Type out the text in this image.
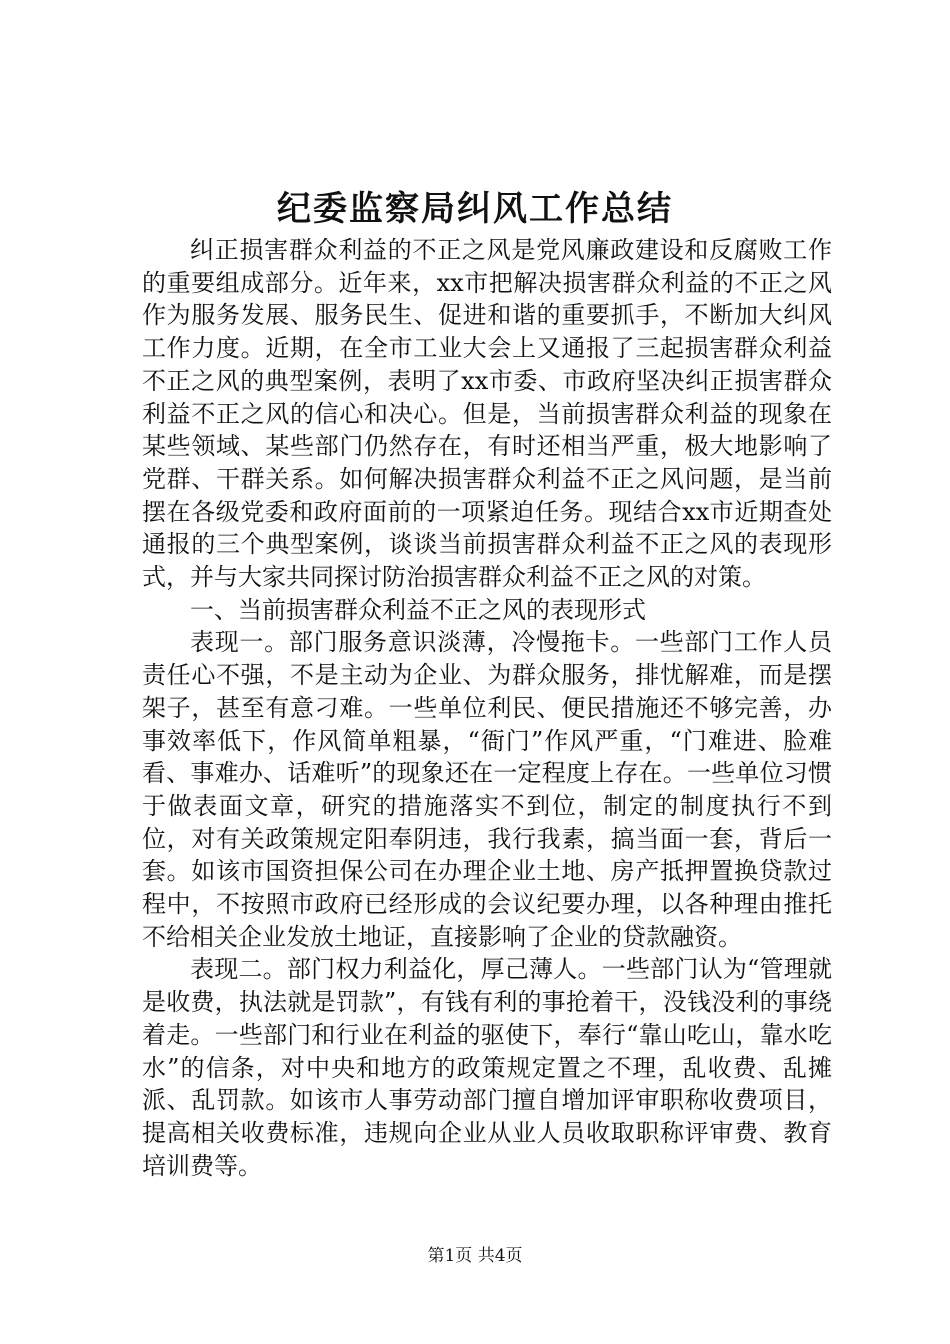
纪委监察局纠风工作总结

纠正损害群众利益的不正之风是党风廉政建设和反腐败工作的重要组成部分。近年来，xx市把解决损害群众利益的不正之风作为服务发展、服务民生、促进和谐的重要抓手，不断加大纠风工作力度。近期，在全市工业大会上又通报了三起损害群众利益不正之风的典型案例，表明了xx市委、市政府坚决纠正损害群众利益不正之风的信心和决心。但是，当前损害群众利益的现象在某些领域、某些部门仍然存在，有时还相当严重，极大地影响了党群、干群关系。如何解决损害群众利益不正之风问题，是当前摆在各级党委和政府面前的一项紧迫任务。现结合xx市近期查处通报的三个典型案例，谈谈当前损害群众利益不正之风的表现形式，并与大家共同探讨防治损害群众利益不正之风的对策。

一、当前损害群众利益不正之风的表现形式

表现一。部门服务意识淡薄，冷慢拖卡。一些部门工作人员责任心不强，不是主动为企业、为群众服务，排忧解难，而是摆架子，甚至有意刁难。一些单位利民、便民措施还不够完善，办事效率低下，作风简单粗暴，“衙门”作风严重，“门难进、脸难看、事难办、话难听”的现象还在一定程度上存在。一些单位习惯于做表面文章，研究的措施落实不到位，制定的制度执行不到位，对有关政策规定阳奉阴违，我行我素，搞当面一套，背后一套。如该市国资担保公司在办理企业土地、房产抵押置换贷款过程中，不按照市政府已经形成的会议纪要办理，以各种理由推托不给相关企业发放土地证，直接影响了企业的贷款融资。

表现二。部门权力利益化，厚己薄人。一些部门认为“管理就是收费，执法就是罚款”，有钱有利的事抢着干，没钱没利的事绕着走。一些部门和行业在利益的驱使下，奉行“靠山吃山，靠水吃水”的信条，对中央和地方的政策规定置之不理，乱收费、乱摊派、乱罚款。如该市人事劳动部门擅自增加评审职称收费项目，提高相关收费标准，违规向企业从业人员收取职称评审费、教育培训费等。

第1页 共4页
